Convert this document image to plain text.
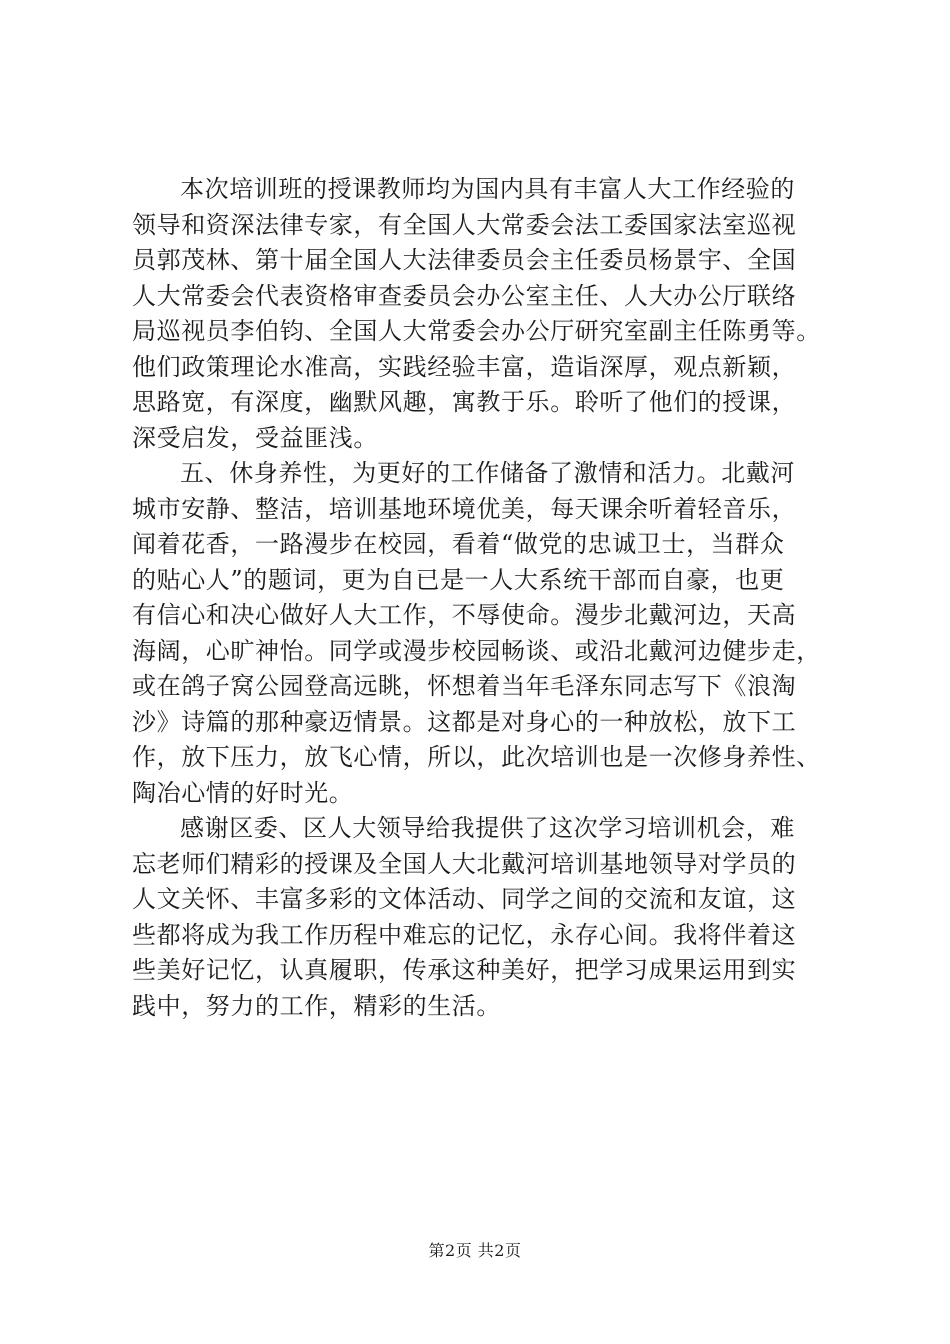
本次培训班的授课教师均为国内具有丰富人大工作经验的
领导和资深法律专家，有全国人大常委会法工委国家法室巡视
员郭茂林、第十届全国人大法律委员会主任委员杨景宇、全国
人大常委会代表资格审查委员会办公室主任、人大办公厅联络
局巡视员李伯钧、全国人大常委会办公厅研究室副主任陈勇等。
他们政策理论水准高，实践经验丰富，造诣深厚，观点新颖，
思路宽，有深度，幽默风趣，寓教于乐。聆听了他们的授课，
深受启发，受益匪浅。
五、休身养性，为更好的工作储备了激情和活力。北戴河
城市安静、整洁，培训基地环境优美，每天课余听着轻音乐，
闻着花香，一路漫步在校园，看着“做党的忠诚卫士，当群众
的贴心人”的题词，更为自已是一人大系统干部而自豪，也更
有信心和决心做好人大工作，不辱使命。漫步北戴河边，天高
海阔，心旷神怡。同学或漫步校园畅谈、或沿北戴河边健步走，
或在鸽子窝公园登高远眺，怀想着当年毛泽东同志写下《浪淘
沙》诗篇的那种豪迈情景。这都是对身心的一种放松，放下工
作，放下压力，放飞心情，所以，此次培训也是一次修身养性、
陶冶心情的好时光。
感谢区委、区人大领导给我提供了这次学习培训机会，难
忘老师们精彩的授课及全国人大北戴河培训基地领导对学员的
人文关怀、丰富多彩的文体活动、同学之间的交流和友谊，这
些都将成为我工作历程中难忘的记忆，永存心间。我将伴着这
些美好记忆，认真履职，传承这种美好，把学习成果运用到实
践中，努力的工作，精彩的生活。
第2页 共2页
